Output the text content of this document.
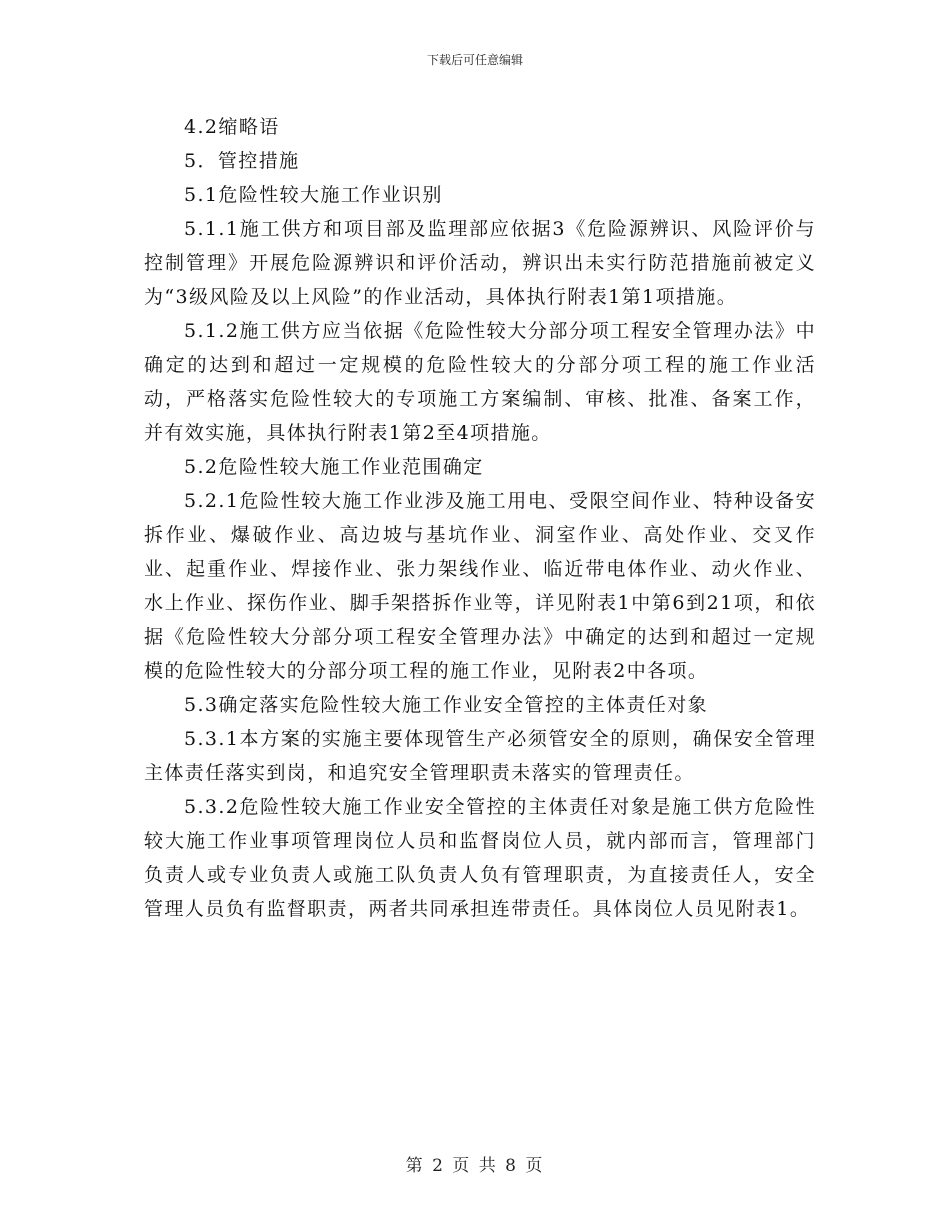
下载后可任意编辑

4.2缩略语

5．管控措施

5.1危险性较大施工作业识别

5.1.1施工供方和项目部及监理部应依据3《危险源辨识、风险评价与控制管理》开展危险源辨识和评价活动，辨识出未实行防范措施前被定义为“3级风险及以上风险”的作业活动，具体执行附表1第1项措施。

5.1.2施工供方应当依据《危险性较大分部分项工程安全管理办法》中确定的达到和超过一定规模的危险性较大的分部分项工程的施工作业活动，严格落实危险性较大的专项施工方案编制、审核、批准、备案工作，并有效实施，具体执行附表1第2至4项措施。

5.2危险性较大施工作业范围确定

5.2.1危险性较大施工作业涉及施工用电、受限空间作业、特种设备安拆作业、爆破作业、高边坡与基坑作业、洞室作业、高处作业、交叉作业、起重作业、焊接作业、张力架线作业、临近带电体作业、动火作业、水上作业、探伤作业、脚手架搭拆作业等，详见附表1中第6到21项，和依据《危险性较大分部分项工程安全管理办法》中确定的达到和超过一定规模的危险性较大的分部分项工程的施工作业，见附表2中各项。

5.3确定落实危险性较大施工作业安全管控的主体责任对象

5.3.1本方案的实施主要体现管生产必须管安全的原则，确保安全管理主体责任落实到岗，和追究安全管理职责未落实的管理责任。

5.3.2危险性较大施工作业安全管控的主体责任对象是施工供方危险性较大施工作业事项管理岗位人员和监督岗位人员，就内部而言，管理部门负责人或专业负责人或施工队负责人负有管理职责，为直接责任人，安全管理人员负有监督职责，两者共同承担连带责任。具体岗位人员见附表1。

第 2 页 共 8 页
